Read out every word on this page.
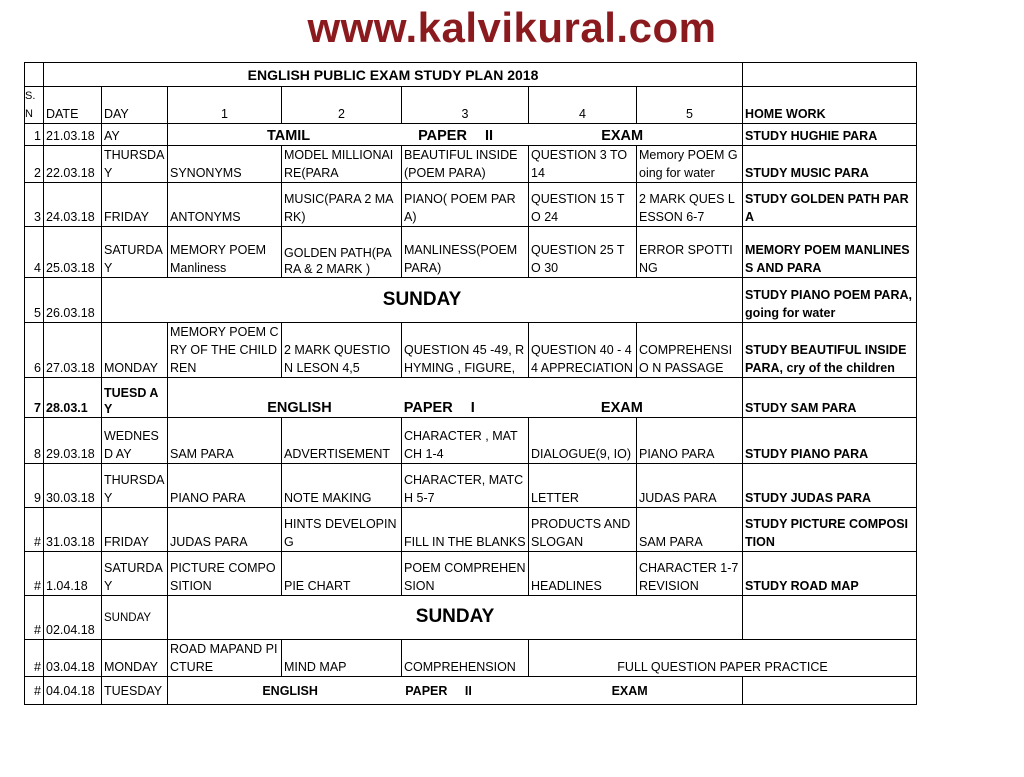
www.kalvikural.com
	ENGLISH PUBLIC EXAM STUDY PLAN 2018							
S.N	DATE	DAY	1	2	3	4	5	HOME WORK
1	21.03.18	AY	TAMIL      PAPER II      EXAM					STUDY HUGHIE PARA
2	22.03.18	THURSDA Y	SYNONYMS	MODEL MILLIONAIRE(PARA	BEAUTIFUL INSIDE(POEM PARA)	QUESTION 3 TO 14	Memory POEM Going for water	STUDY MUSIC PARA
3	24.03.18	FRIDAY	ANTONYMS	MUSIC(PARA 2 MARK)	PIANO( POEM PARA)	QUESTION 15 TO 24	2 MARK QUES LESSON 6-7	STUDY GOLDEN PATH PARA
4	25.03.18	SATURDA Y	MEMORY POEM Manliness	GOLDEN PATH(PARA & 2 MARK )	MANLINESS(POEM PARA)	QUESTION 25 TO 30	ERROR SPOTTING	MEMORY POEM MANLINESS AND PARA
5	26.03.18	SUNDAY						STUDY PIANO POEM PARA, going for water
6	27.03.18	MONDAY	MEMORY POEM CRY OF THE CHILDREN	2 MARK QUESTION LESON 4,5	QUESTION 45 -49, RHYMING , FIGURE,	QUESTION 40 - 44 APPRECIATION	COMPREHENSIO N PASSAGE	STUDY BEAUTIFUL INSIDE PARA, cry of the children
7	28.03.1	TUESD AY	ENGLISH    PAPER I       EXAM					STUDY SAM PARA
8	29.03.18	WEDNESD AY	SAM PARA	ADVERTISEMENT	CHARACTER , MATCH 1-4	DIALOGUE(9, IO)	PIANO PARA	STUDY PIANO PARA
9	30.03.18	THURSDA Y	PIANO PARA	NOTE MAKING	CHARACTER, MATCH 5-7	LETTER	JUDAS PARA	STUDY JUDAS PARA
#	31.03.18	FRIDAY	JUDAS PARA	HINTS DEVELOPING	FILL IN THE BLANKS	PRODUCTS AND SLOGAN	SAM PARA	STUDY PICTURE COMPOSITION
#	1.04.18	SATURDA Y	PICTURE COMPOSITION	PIE CHART	POEM COMPREHENSION	HEADLINES	CHARACTER 1-7 REVISION	STUDY ROAD MAP
#	02.04.18	SUNDAY	SUNDAY					
#	03.04.18	MONDAY	ROAD MAPAND PICTURE	MIND MAP	COMPREHENSION	FULL QUESTION PAPER PRACTICE		
#	04.04.18	TUESDAY	ENGLISH     PAPER II        EXAM					
